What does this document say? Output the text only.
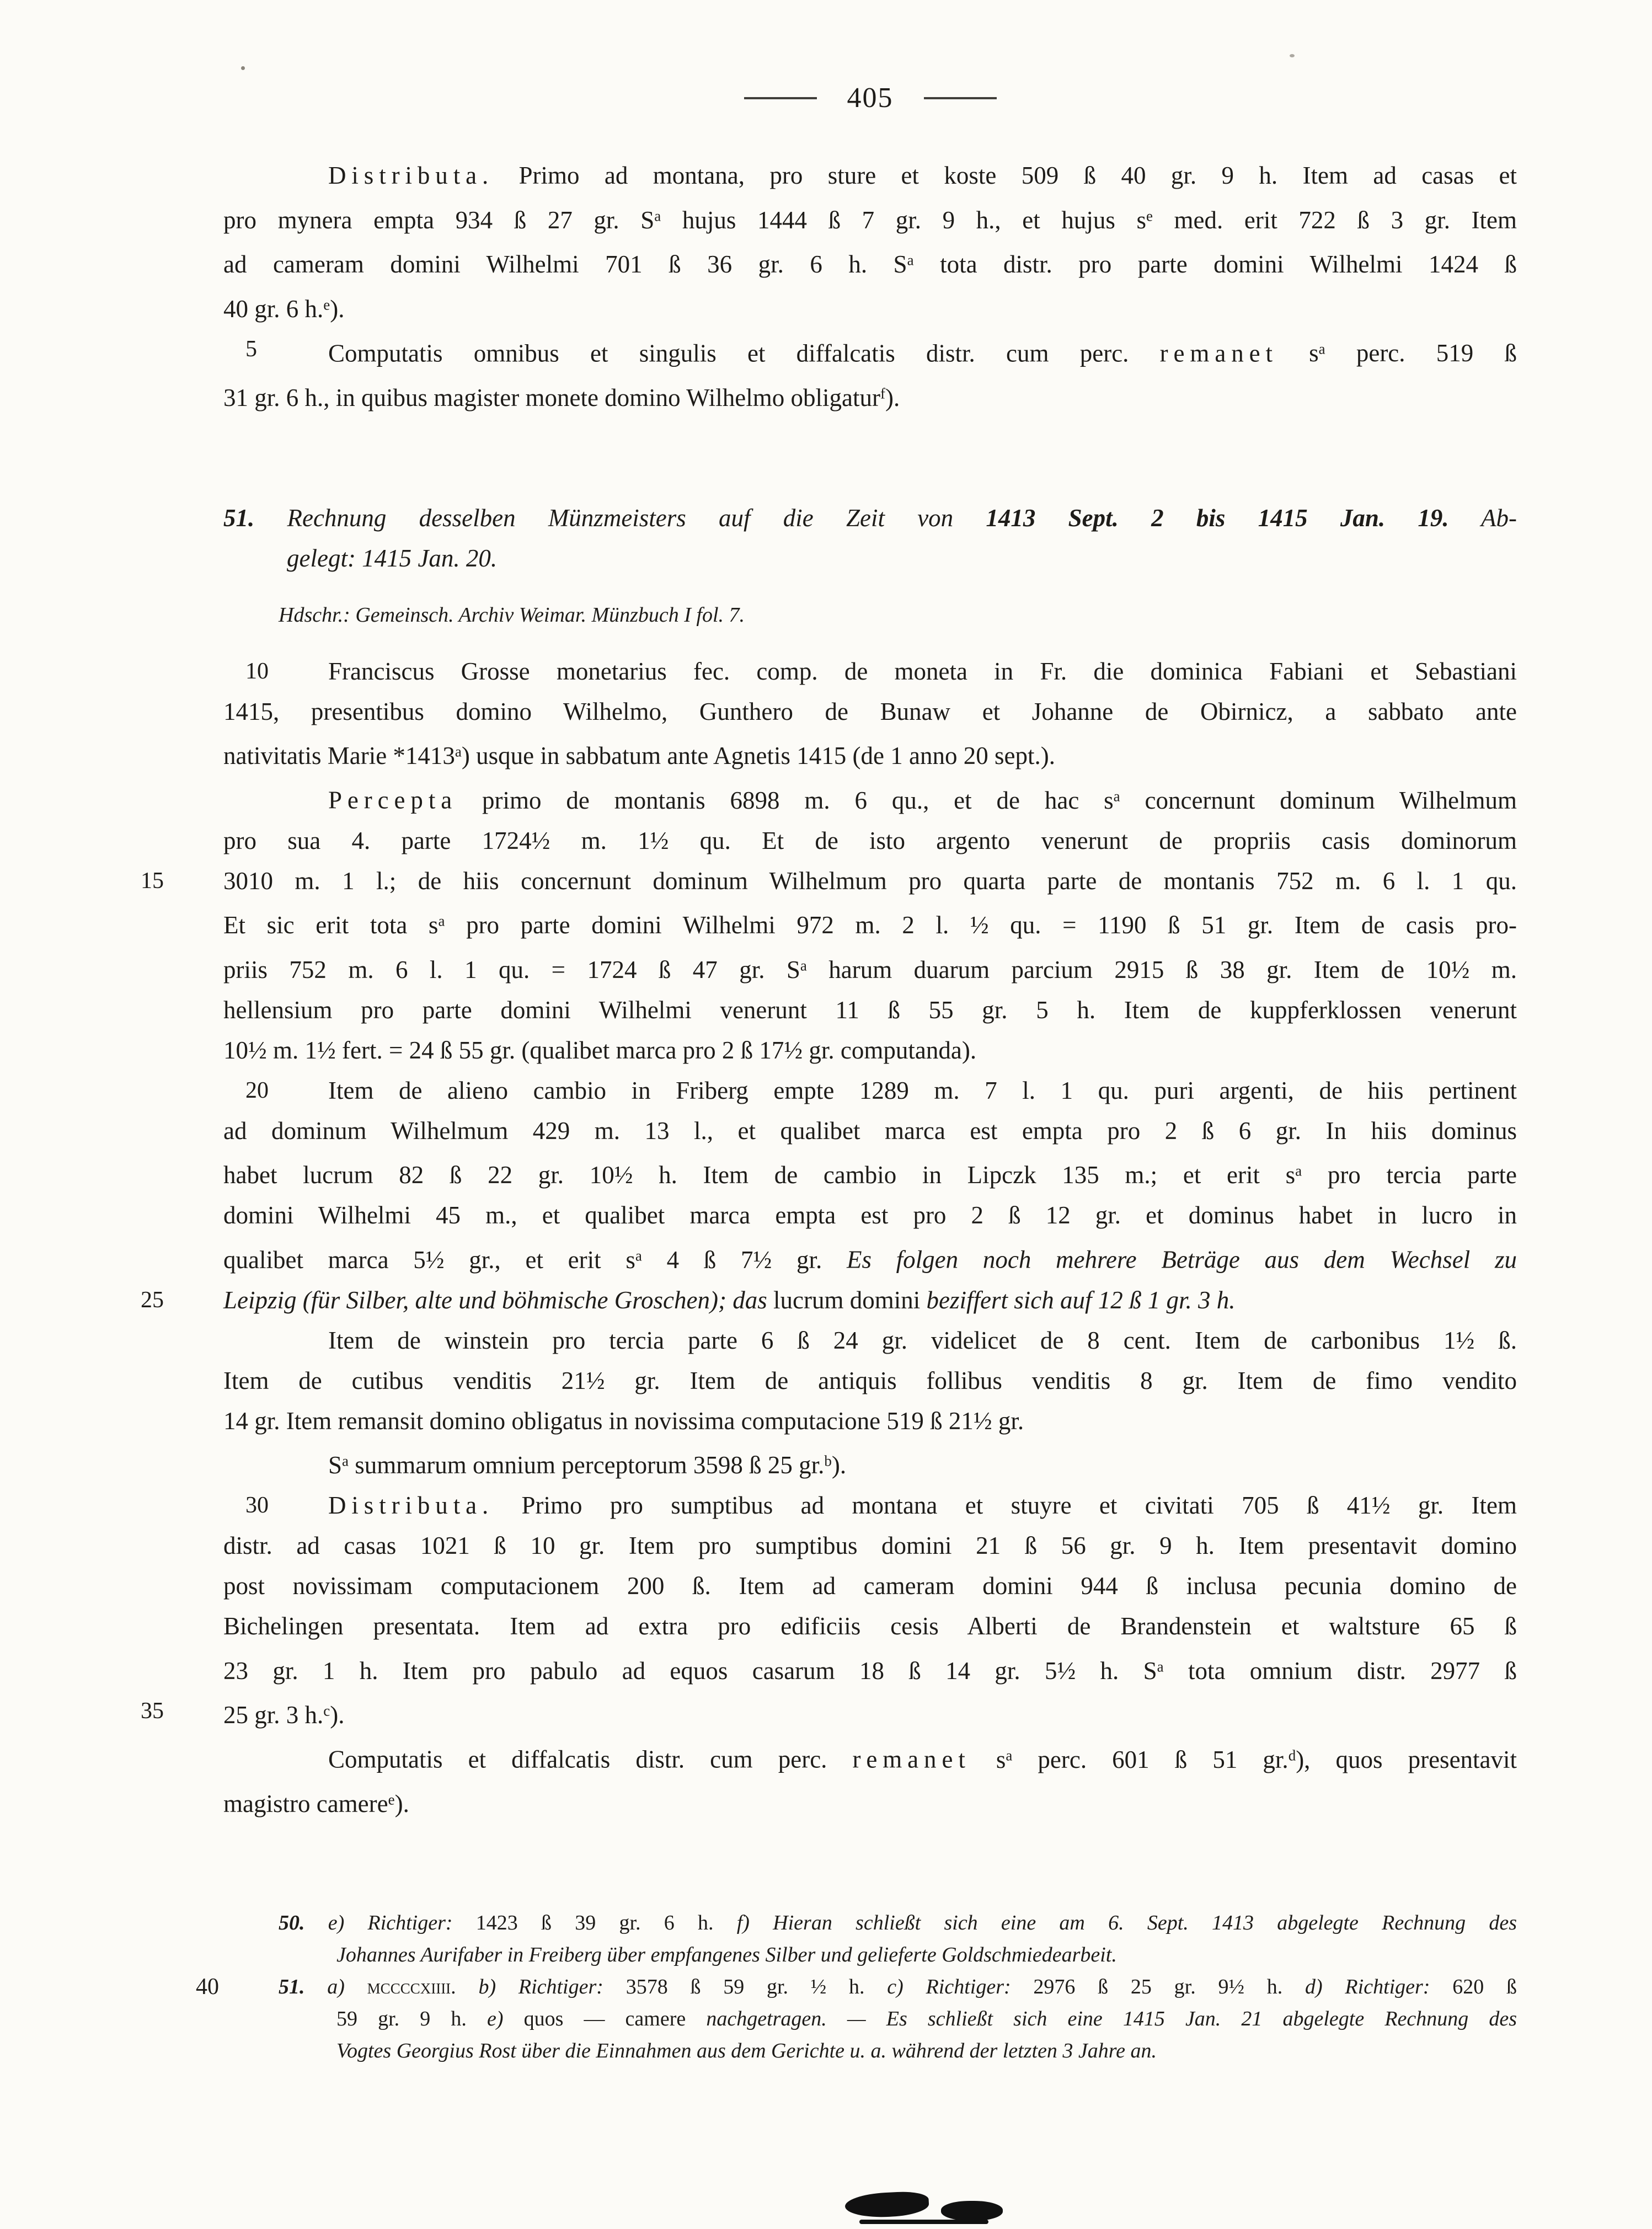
405
Distributa. Primo ad montana, pro sture et koste 509 ß 40 gr. 9 h. Item ad casas et
pro mynera empta 934 ß 27 gr. $S^a$ hujus 1444 ß 7 gr. 9 h., et hujus $s^e$ med. erit 722 ß 3 gr. Item
ad cameram domini Wilhelmi 701 ß 36 gr. 6 h. $S^a$ tota distr. pro parte domini Wilhelmi 1424 ß
40 gr. 6 h.$^e$).
5	Computatis omnibus et singulis et diffalcatis distr. cum perc. remanet $s^a$ perc. 519 ß
31 gr. 6 h., in quibus magister monete domino Wilhelmo obligatur$^f$).
51. Rechnung desselben Münzmeisters auf die Zeit von 1413 Sept. 2 bis 1415 Jan. 19. Ab-
gelegt: 1415 Jan. 20.
Hdschr.: Gemeinsch. Archiv Weimar. Münzbuch I fol. 7.
10 Franciscus Grosse monetarius fec. comp. de moneta in Fr. die dominica Fabiani et Sebastiani
1415, presentibus domino Wilhelmo, Gunthero de Bunaw et Johanne de Obirnicz, a sabbato ante
nativitatis Marie *1413$^a$) usque in sabbatum ante Agnetis 1415 (de 1 anno 20 sept.).
Percepta primo de montanis 6898 m. 6 qu., et de hac $s^a$ concernunt dominum Wilhelmum
pro sua 4. parte 1724½ m. 1½ qu. Et de isto argento venerunt de propriis casis dominorum
15	3010 m. 1 l.; de hiis concernunt dominum Wilhelmum pro quarta parte de montanis 752 m. 6 l. 1 qu.
Et sic erit tota $s^a$ pro parte domini Wilhelmi 972 m. 2 l. ½ qu. = 1190 ß 51 gr. Item de casis pro-
priis 752 m. 6 l. 1 qu. = 1724 ß 47 gr. $S^a$ harum duarum parcium 2915 ß 38 gr. Item de 10½ m.
hellensium pro parte domini Wilhelmi venerunt 11 ß 55 gr. 5 h. Item de kuppferklossen venerunt
10½ m. 1½ fert. = 24 ß 55 gr. (qualibet marca pro 2 ß 17½ gr. computanda).
20 Item de alieno cambio in Friberg empte 1289 m. 7 l. 1 qu. puri argenti, de hiis pertinent
ad dominum Wilhelmum 429 m. 13 l., et qualibet marca est empta pro 2 ß 6 gr. In hiis dominus
habet lucrum 82 ß 22 gr. 10½ h. Item de cambio in Lipczk 135 m.; et erit $s^a$ pro tercia parte
domini Wilhelmi 45 m., et qualibet marca empta est pro 2 ß 12 gr. et dominus habet in lucro in
qualibet marca 5½ gr., et erit $s^a$ 4 ß 7½ gr. Es folgen noch mehrere Beträge aus dem Wechsel zu
25	Leipzig (für Silber, alte und böhmische Groschen); das lucrum domini beziffert sich auf 12 ß 1 gr. 3 h.
Item de winstein pro tercia parte 6 ß 24 gr. videlicet de 8 cent. Item de carbonibus 1½ ß.
Item de cutibus venditis 21½ gr. Item de antiquis follibus venditis 8 gr. Item de fimo vendito
14 gr. Item remansit domino obligatus in novissima computacione 519 ß 21½ gr.
$S^a$ summarum omnium perceptorum 3598 ß 25 gr.$^b$).
30 Distributa. Primo pro sumptibus ad montana et stuyre et civitati 705 ß 41½ gr. Item
distr. ad casas 1021 ß 10 gr. Item pro sumptibus domini 21 ß 56 gr. 9 h. Item presentavit domino
post novissimam computacionem 200 ß. Item ad cameram domini 944 ß inclusa pecunia domino de
Bichelingen presentata. Item ad extra pro edificiis cesis Alberti de Brandenstein et waltsture 65 ß
23 gr. 1 h. Item pro pabulo ad equos casarum 18 ß 14 gr. 5½ h. $S^a$ tota omnium distr. 2977 ß
35	25 gr. 3 h.$^c$).
Computatis et diffalcatis distr. cum perc. remanet $s^a$ perc. 601 ß 51 gr.$^d$), quos presentavit
magistro camere$^e$).
50. e) Richtiger: 1423 ß 39 gr. 6 h. f) Hieran schließt sich eine am 6. Sept. 1413 abgelegte Rechnung des
Johannes Aurifaber in Freiberg über empfangenes Silber und gelieferte Goldschmiedearbeit.
40	51. a) mccccxiiii. b) Richtiger: 3578 ß 59 gr. ½ h. c) Richtiger: 2976 ß 25 gr. 9½ h. d) Richtiger: 620 ß
59 gr. 9 h. e) quos — camere nachgetragen. — Es schließt sich eine 1415 Jan. 21 abgelegte Rechnung des
Vogtes Georgius Rost über die Einnahmen aus dem Gerichte u. a. während der letzten 3 Jahre an.
